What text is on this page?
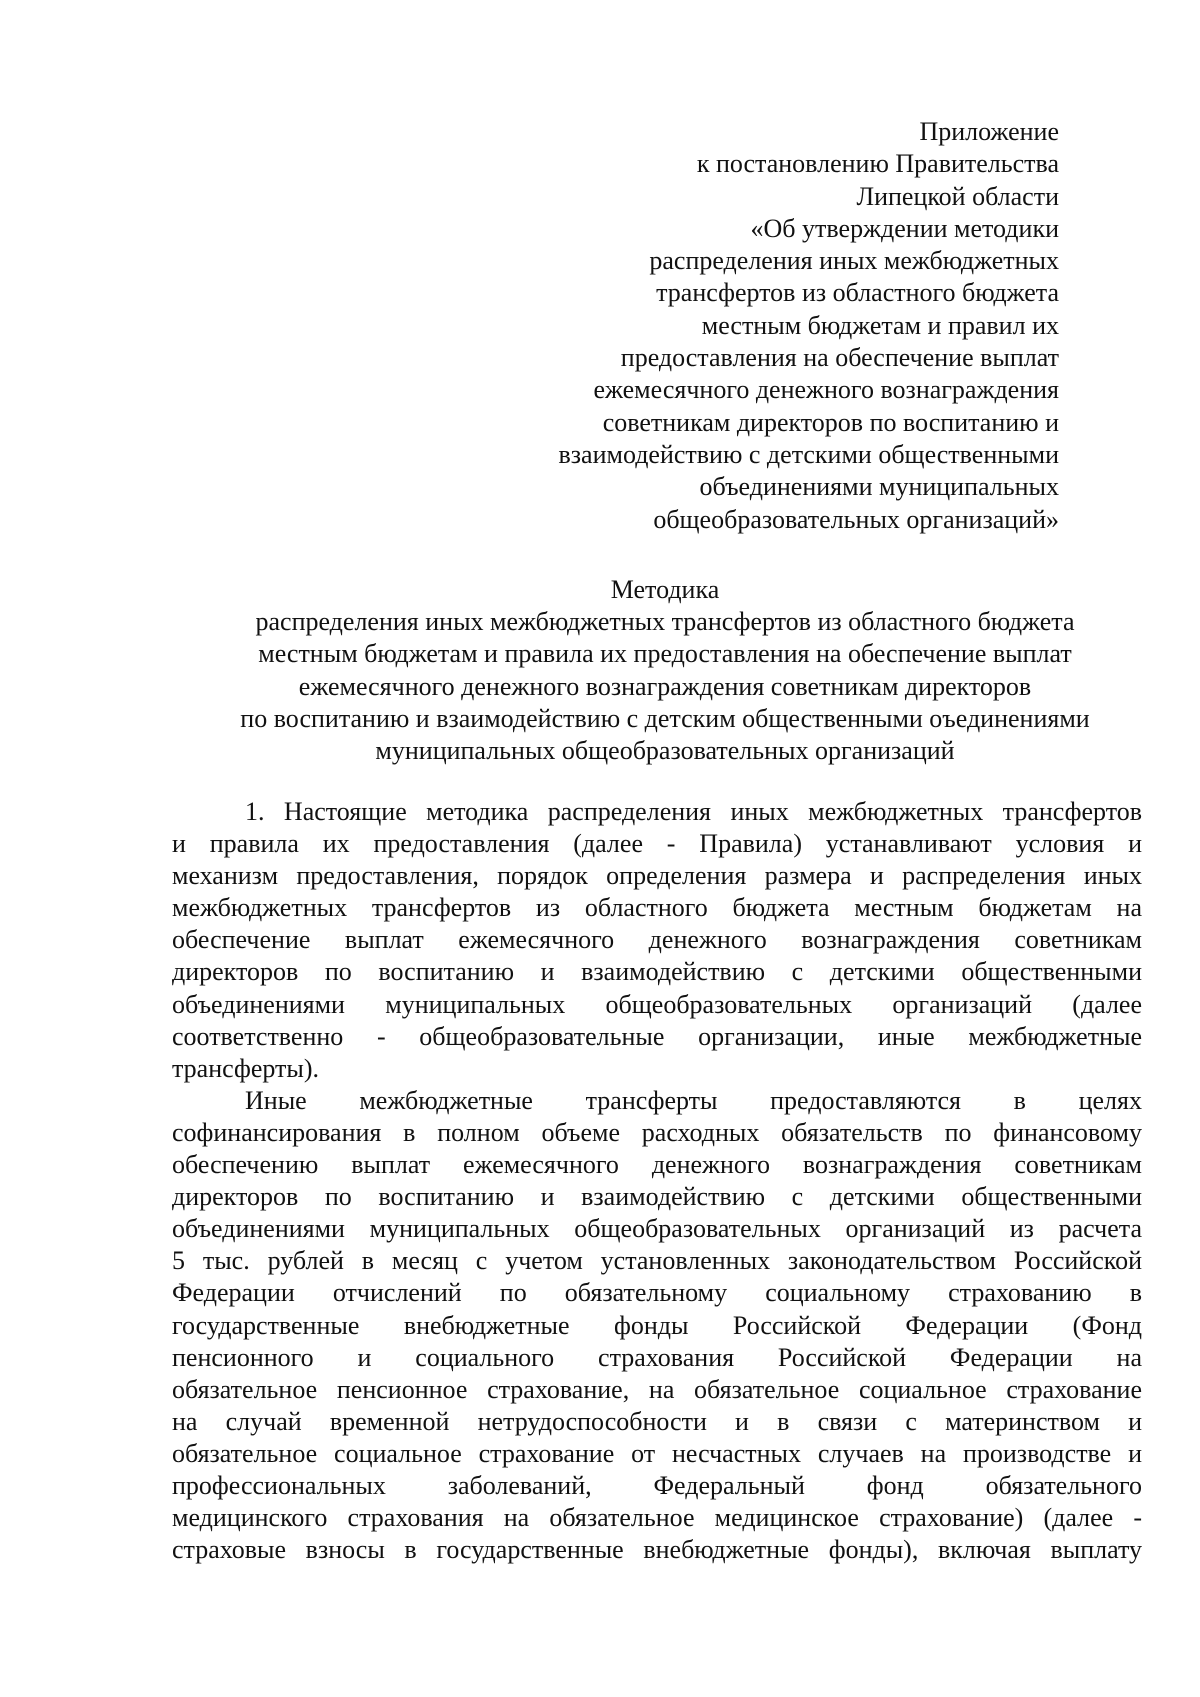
Приложение
к постановлению Правительства
Липецкой области
«Об утверждении методики
распределения иных межбюджетных
трансфертов из областного бюджета
местным бюджетам и правил их
предоставления на обеспечение выплат
ежемесячного денежного вознаграждения
советникам директоров по воспитанию и
взаимодействию с детскими общественными
объединениями муниципальных
общеобразовательных организаций»
Методика
распределения иных межбюджетных трансфертов из областного бюджета
местным бюджетам и правила их предоставления на обеспечение выплат
ежемесячного денежного вознаграждения советникам директоров
по воспитанию и взаимодействию с детским общественными оъединениями
муниципальных общеобразовательных организаций
1. Настоящие методика распределения иных межбюджетных трансфертов
и правила их предоставления (далее - Правила) устанавливают условия и
механизм предоставления, порядок определения размера и распределения иных
межбюджетных трансфертов из областного бюджета местным бюджетам на
обеспечение выплат ежемесячного денежного вознаграждения советникам
директоров по воспитанию и взаимодействию с детскими общественными
объединениями муниципальных общеобразовательных организаций (далее
соответственно - общеобразовательные организации, иные межбюджетные
трансферты).
Иные межбюджетные трансферты предоставляются в целях
софинансирования в полном объеме расходных обязательств по финансовому
обеспечению выплат ежемесячного денежного вознаграждения советникам
директоров по воспитанию и взаимодействию с детскими общественными
объединениями муниципальных общеобразовательных организаций из расчета
5 тыс. рублей в месяц с учетом установленных законодательством Российской
Федерации отчислений по обязательному социальному страхованию в
государственные внебюджетные фонды Российской Федерации (Фонд
пенсионного и социального страхования Российской Федерации на
обязательное пенсионное страхование, на обязательное социальное страхование
на случай временной нетрудоспособности и в связи с материнством и
обязательное социальное страхование от несчастных случаев на производстве и
профессиональных заболеваний, Федеральный фонд обязательного
медицинского страхования на обязательное медицинское страхование) (далее -
страховые взносы в государственные внебюджетные фонды), включая выплату
